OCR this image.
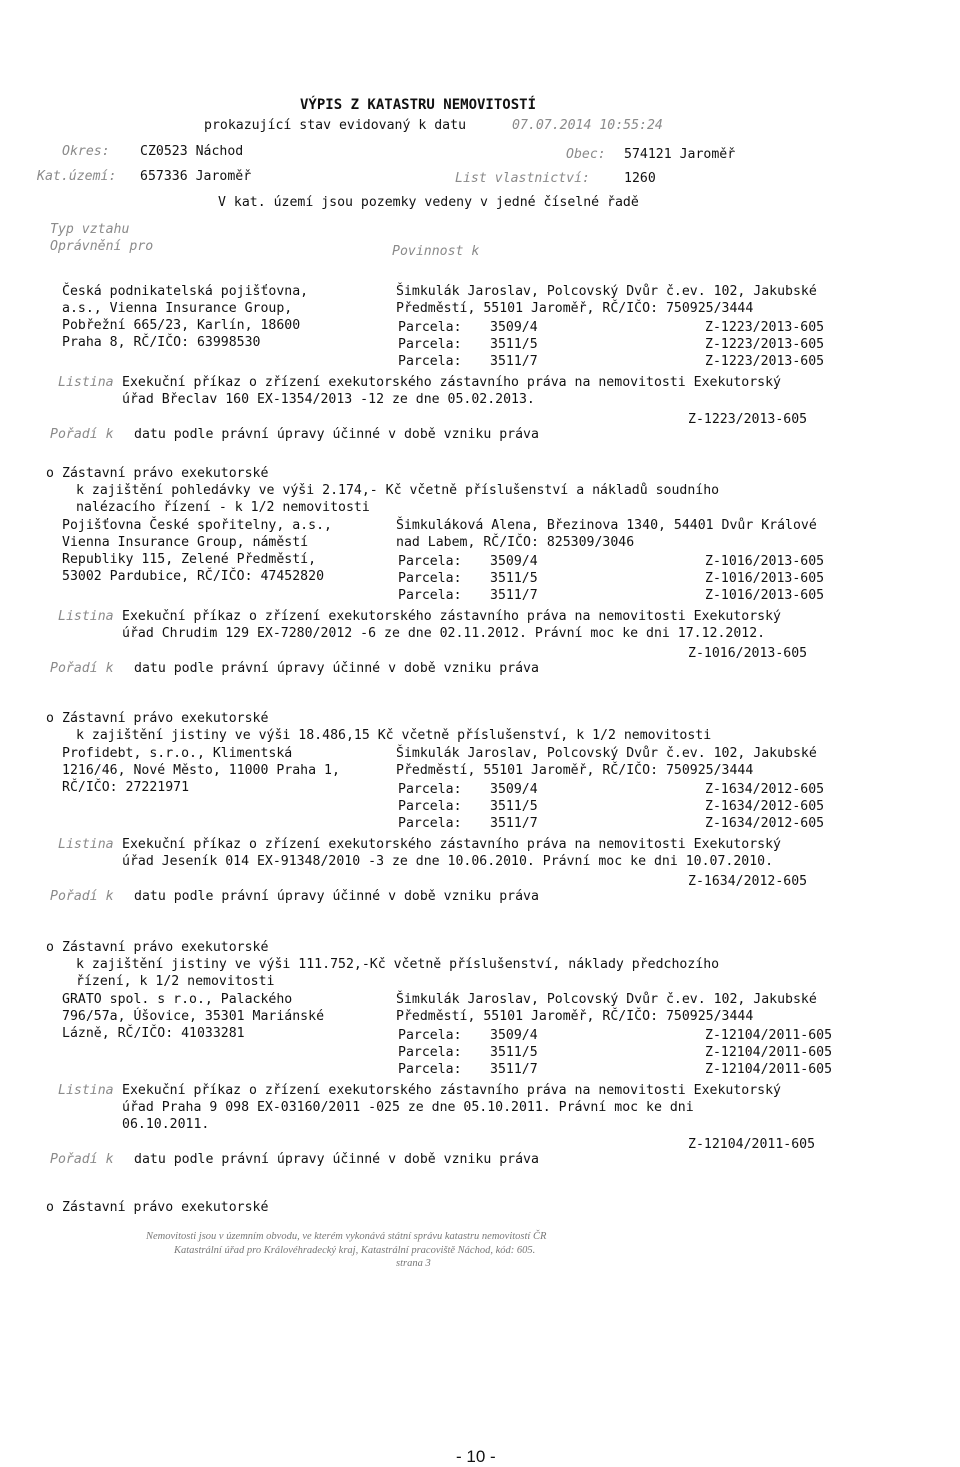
VÝPIS Z KATASTRU NEMOVITOSTÍ
prokazující stav evidovaný k datu	07.07.2014 10:55:24
Okres: CZ0523 Náchod	Obec: 574121 Jaroměř
Kat.území: 657336 Jaroměř	List vlastnictví:	1260
V kat. území jsou pozemky vedeny v jedné číselné řadě
Typ vztahu
Oprávnění pro	Povinnost k
Česká podnikatelská pojišťovna,
a.s., Vienna Insurance Group,
Pobřežní 665/23, Karlín, 18600
Praha 8, RČ/IČO: 63998530
Šimkulák Jaroslav, Polcovský Dvůr č.ev. 102, Jakubské
Předměstí, 55101 Jaroměř, RČ/IČO: 750925/3444
Parcela: 3509/4	Z-1223/2013-605
Parcela: 3511/5	Z-1223/2013-605
Parcela: 3511/7	Z-1223/2013-605
Listina Exekuční příkaz o zřízení exekutorského zástavního práva na nemovitosti Exekutorský
úřad Břeclav 160 EX-1354/2013 -12 ze dne 05.02.2013.
Z-1223/2013-605
Pořadí k datu podle právní úpravy účinné v době vzniku práva
o Zástavní právo exekutorské
k zajištění pohledávky ve výši 2.174,- Kč včetně příslušenství a nákladů soudního
nalézacího řízení - k 1/2 nemovitosti
Pojišťovna České spořitelny, a.s.,
Vienna Insurance Group, náměstí
Republiky 115, Zelené Předměstí,
53002 Pardubice, RČ/IČO: 47452820
Šimkuláková Alena, Březinova 1340, 54401 Dvůr Králové
nad Labem, RČ/IČO: 825309/3046
Parcela: 3509/4	Z-1016/2013-605
Parcela: 3511/5	Z-1016/2013-605
Parcela: 3511/7	Z-1016/2013-605
Listina Exekuční příkaz o zřízení exekutorského zástavního práva na nemovitosti Exekutorský
úřad Chrudim 129 EX-7280/2012 -6 ze dne 02.11.2012. Právní moc ke dni 17.12.2012.
Z-1016/2013-605
Pořadí k datu podle právní úpravy účinné v době vzniku práva
o Zástavní právo exekutorské
k zajištění jistiny ve výši 18.486,15 Kč včetně příslušenství, k 1/2 nemovitosti
Profidebt, s.r.o., Klimentská
1216/46, Nové Město, 11000 Praha 1,
RČ/IČO: 27221971
Šimkulák Jaroslav, Polcovský Dvůr č.ev. 102, Jakubské
Předměstí, 55101 Jaroměř, RČ/IČO: 750925/3444
Parcela: 3509/4	Z-1634/2012-605
Parcela: 3511/5	Z-1634/2012-605
Parcela: 3511/7	Z-1634/2012-605
Listina Exekuční příkaz o zřízení exekutorského zástavního práva na nemovitosti Exekutorský
úřad Jeseník 014 EX-91348/2010 -3 ze dne 10.06.2010. Právní moc ke dni 10.07.2010.
Z-1634/2012-605
Pořadí k datu podle právní úpravy účinné v době vzniku práva
o Zástavní právo exekutorské
k zajištění jistiny ve výši 111.752,-Kč včetně příslušenství, náklady předchozího
řízení, k 1/2 nemovitosti
GRATO spol. s r.o., Palackého
796/57a, Úšovice, 35301 Mariánské
Lázně, RČ/IČO: 41033281
Šimkulák Jaroslav, Polcovský Dvůr č.ev. 102, Jakubské
Předměstí, 55101 Jaroměř, RČ/IČO: 750925/3444
Parcela: 3509/4	Z-12104/2011-605
Parcela: 3511/5	Z-12104/2011-605
Parcela: 3511/7	Z-12104/2011-605
Listina Exekuční příkaz o zřízení exekutorského zástavního práva na nemovitosti Exekutorský
úřad Praha 9 098 EX-03160/2011 -025 ze dne 05.10.2011. Právní moc ke dni
06.10.2011.
Z-12104/2011-605
Pořadí k datu podle právní úpravy účinné v době vzniku práva
o Zástavní právo exekutorské
Nemovitosti jsou v územním obvodu, ve kterém vykonává státní správu katastru nemovitostí ČR
Katastrální úřad pro Královéhradecký kraj, Katastrální pracoviště Náchod, kód: 605.
strana 3
- 10 -
